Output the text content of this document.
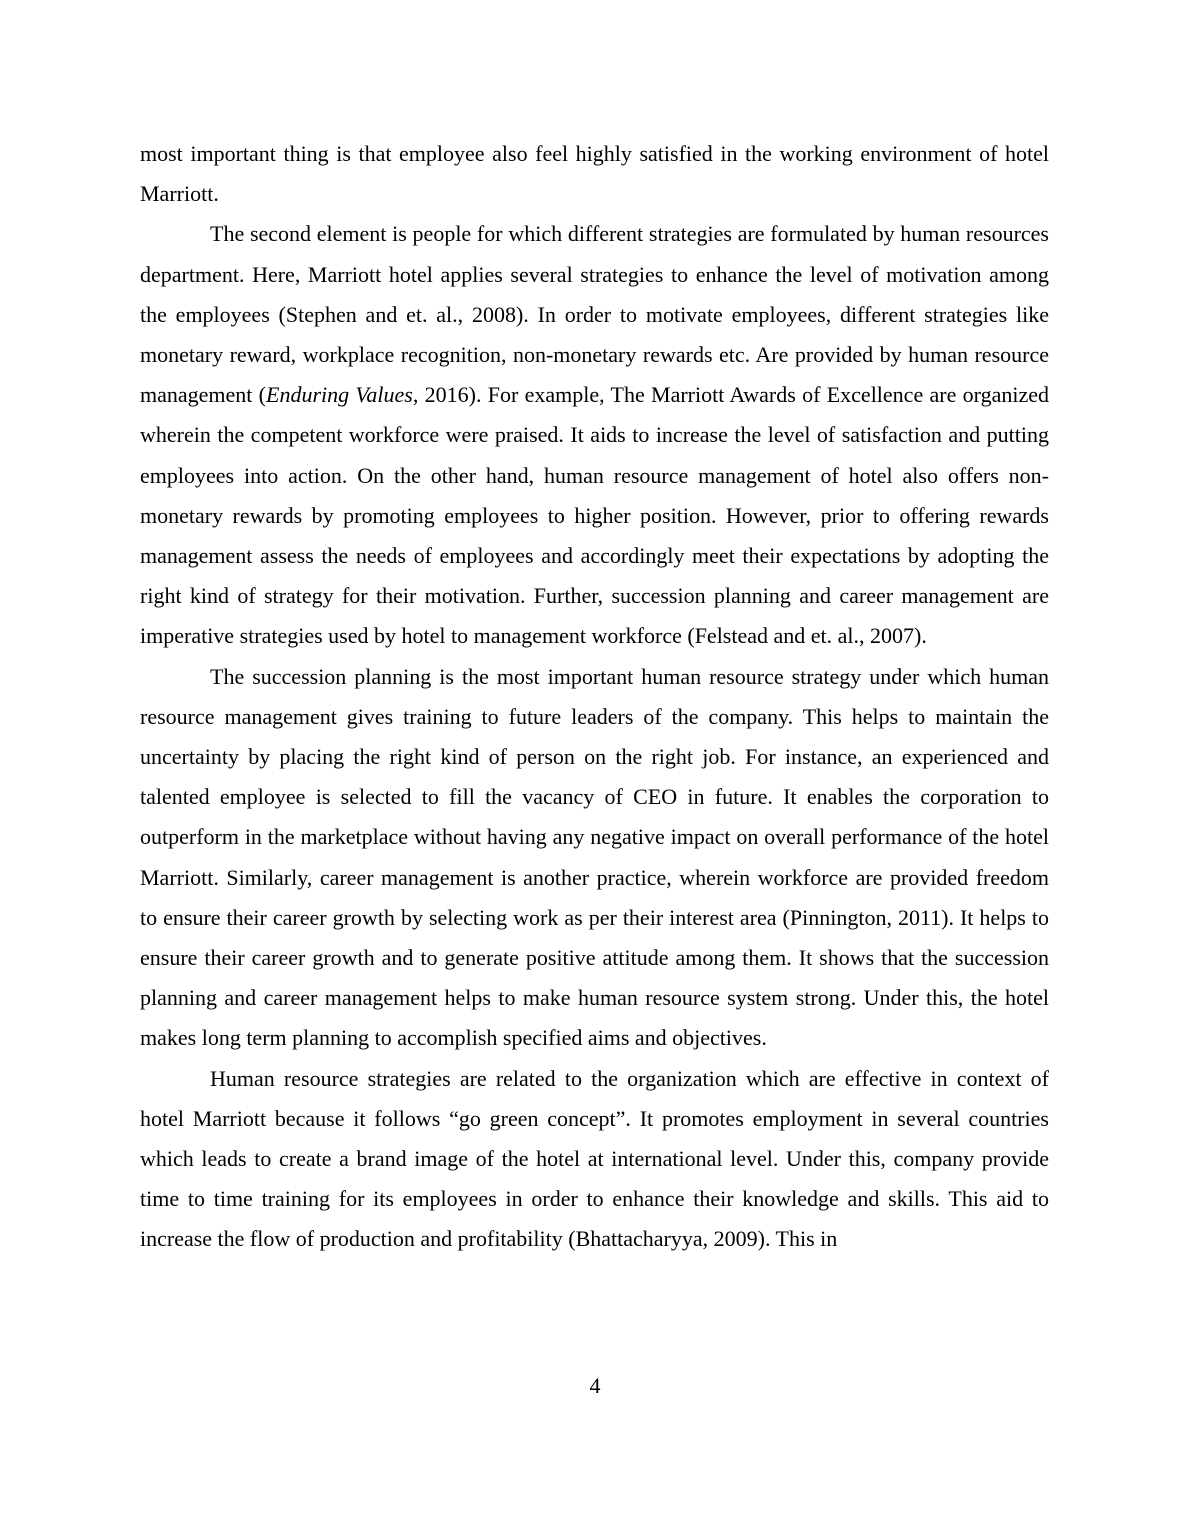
most important thing is that employee also feel highly satisfied in the working environment of hotel Marriott.

The second element is people for which different strategies are formulated by human resources department. Here, Marriott hotel applies several strategies to enhance the level of motivation among the employees (Stephen and et. al., 2008). In order to motivate employees, different strategies like monetary reward, workplace recognition, non-monetary rewards etc. Are provided by human resource management (Enduring Values, 2016). For example, The Marriott Awards of Excellence are organized wherein the competent workforce were praised. It aids to increase the level of satisfaction and putting employees into action. On the other hand, human resource management of hotel also offers non-monetary rewards by promoting employees to higher position. However, prior to offering rewards management assess the needs of employees and accordingly meet their expectations by adopting the right kind of strategy for their motivation. Further, succession planning and career management are imperative strategies used by hotel to management workforce (Felstead and et. al., 2007).

The succession planning is the most important human resource strategy under which human resource management gives training to future leaders of the company. This helps to maintain the uncertainty by placing the right kind of person on the right job. For instance, an experienced and talented employee is selected to fill the vacancy of CEO in future. It enables the corporation to outperform in the marketplace without having any negative impact on overall performance of the hotel Marriott. Similarly, career management is another practice, wherein workforce are provided freedom to ensure their career growth by selecting work as per their interest area (Pinnington, 2011). It helps to ensure their career growth and to generate positive attitude among them. It shows that the succession planning and career management helps to make human resource system strong. Under this, the hotel makes long term planning to accomplish specified aims and objectives.

Human resource strategies are related to the organization which are effective in context of hotel Marriott because it follows “go green concept”. It promotes employment in several countries which leads to create a brand image of the hotel at international level. Under this, company provide time to time training for its employees in order to enhance their knowledge and skills. This aid to increase the flow of production and profitability (Bhattacharyya, 2009). This in

4
